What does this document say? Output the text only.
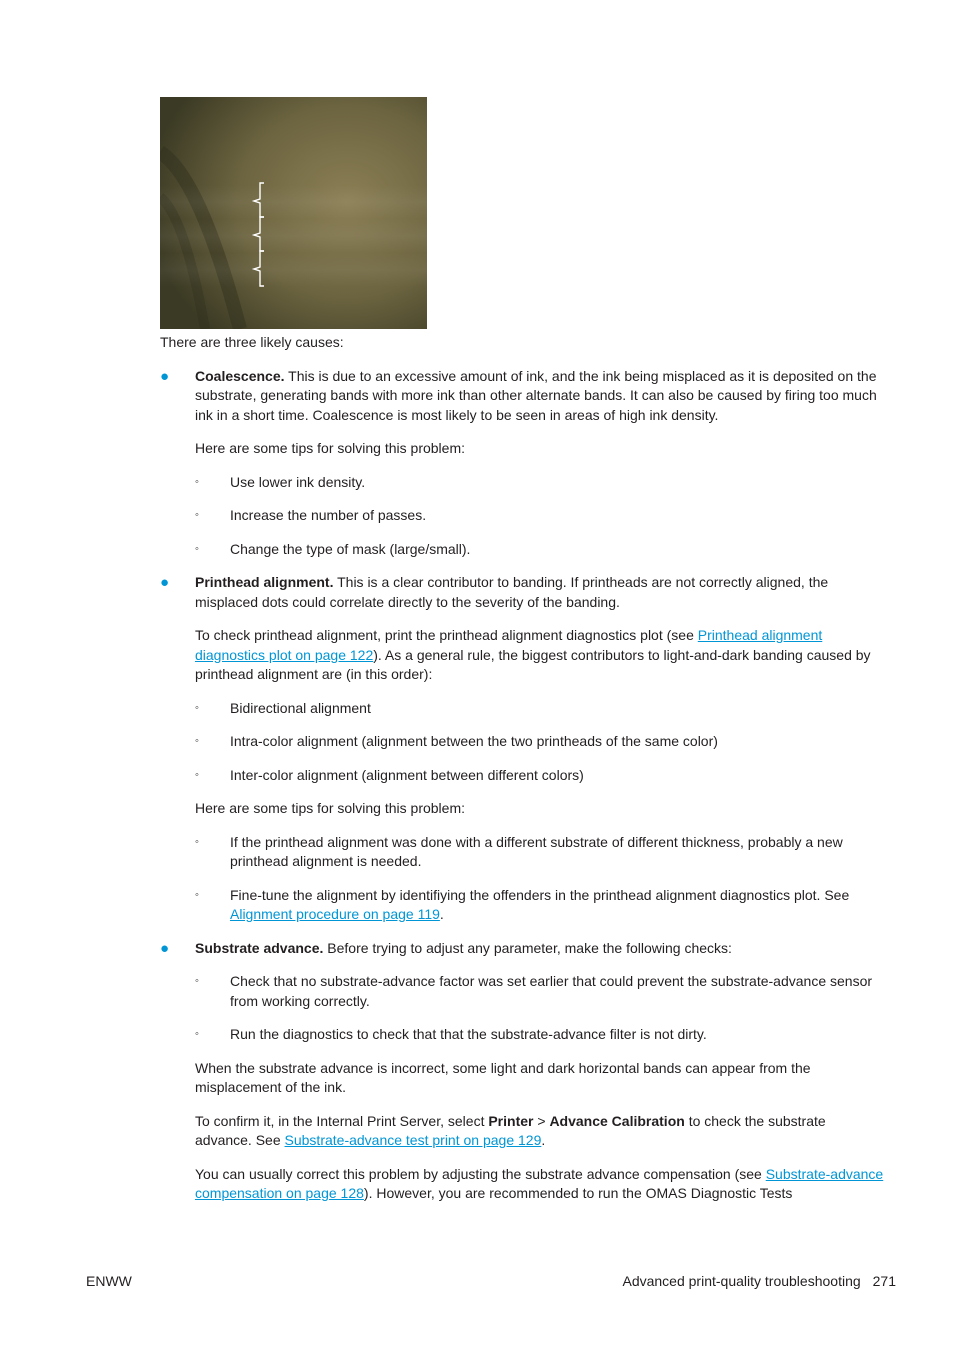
There are three likely causes:

● Coalescence. This is due to an excessive amount of ink, and the ink being misplaced as it is deposited on the substrate, generating bands with more ink than other alternate bands. It can also be caused by firing too much ink in a short time. Coalescence is most likely to be seen in areas of high ink density.

Here are some tips for solving this problem:

◦ Use lower ink density.
◦ Increase the number of passes.
◦ Change the type of mask (large/small).
● Printhead alignment. This is a clear contributor to banding. If printheads are not correctly aligned, the misplaced dots could correlate directly to the severity of the banding.

To check printhead alignment, print the printhead alignment diagnostics plot (see Printhead alignment diagnostics plot on page 122). As a general rule, the biggest contributors to light-and-dark banding caused by printhead alignment are (in this order):

◦ Bidirectional alignment
◦ Intra-color alignment (alignment between the two printheads of the same color)
◦ Inter-color alignment (alignment between different colors)

Here are some tips for solving this problem:

◦ If the printhead alignment was done with a different substrate of different thickness, probably a new printhead alignment is needed.
◦ Fine-tune the alignment by identifiying the offenders in the printhead alignment diagnostics plot. See Alignment procedure on page 119.
● Substrate advance. Before trying to adjust any parameter, make the following checks:

◦ Check that no substrate-advance factor was set earlier that could prevent the substrate-advance sensor from working correctly.
◦ Run the diagnostics to check that that the substrate-advance filter is not dirty.

When the substrate advance is incorrect, some light and dark horizontal bands can appear from the misplacement of the ink.

To confirm it, in the Internal Print Server, select Printer > Advance Calibration to check the substrate advance. See Substrate-advance test print on page 129.

You can usually correct this problem by adjusting the substrate advance compensation (see Substrate-advance compensation on page 128). However, you are recommended to run the OMAS Diagnostic Tests

ENWW	Advanced print-quality troubleshooting 271
